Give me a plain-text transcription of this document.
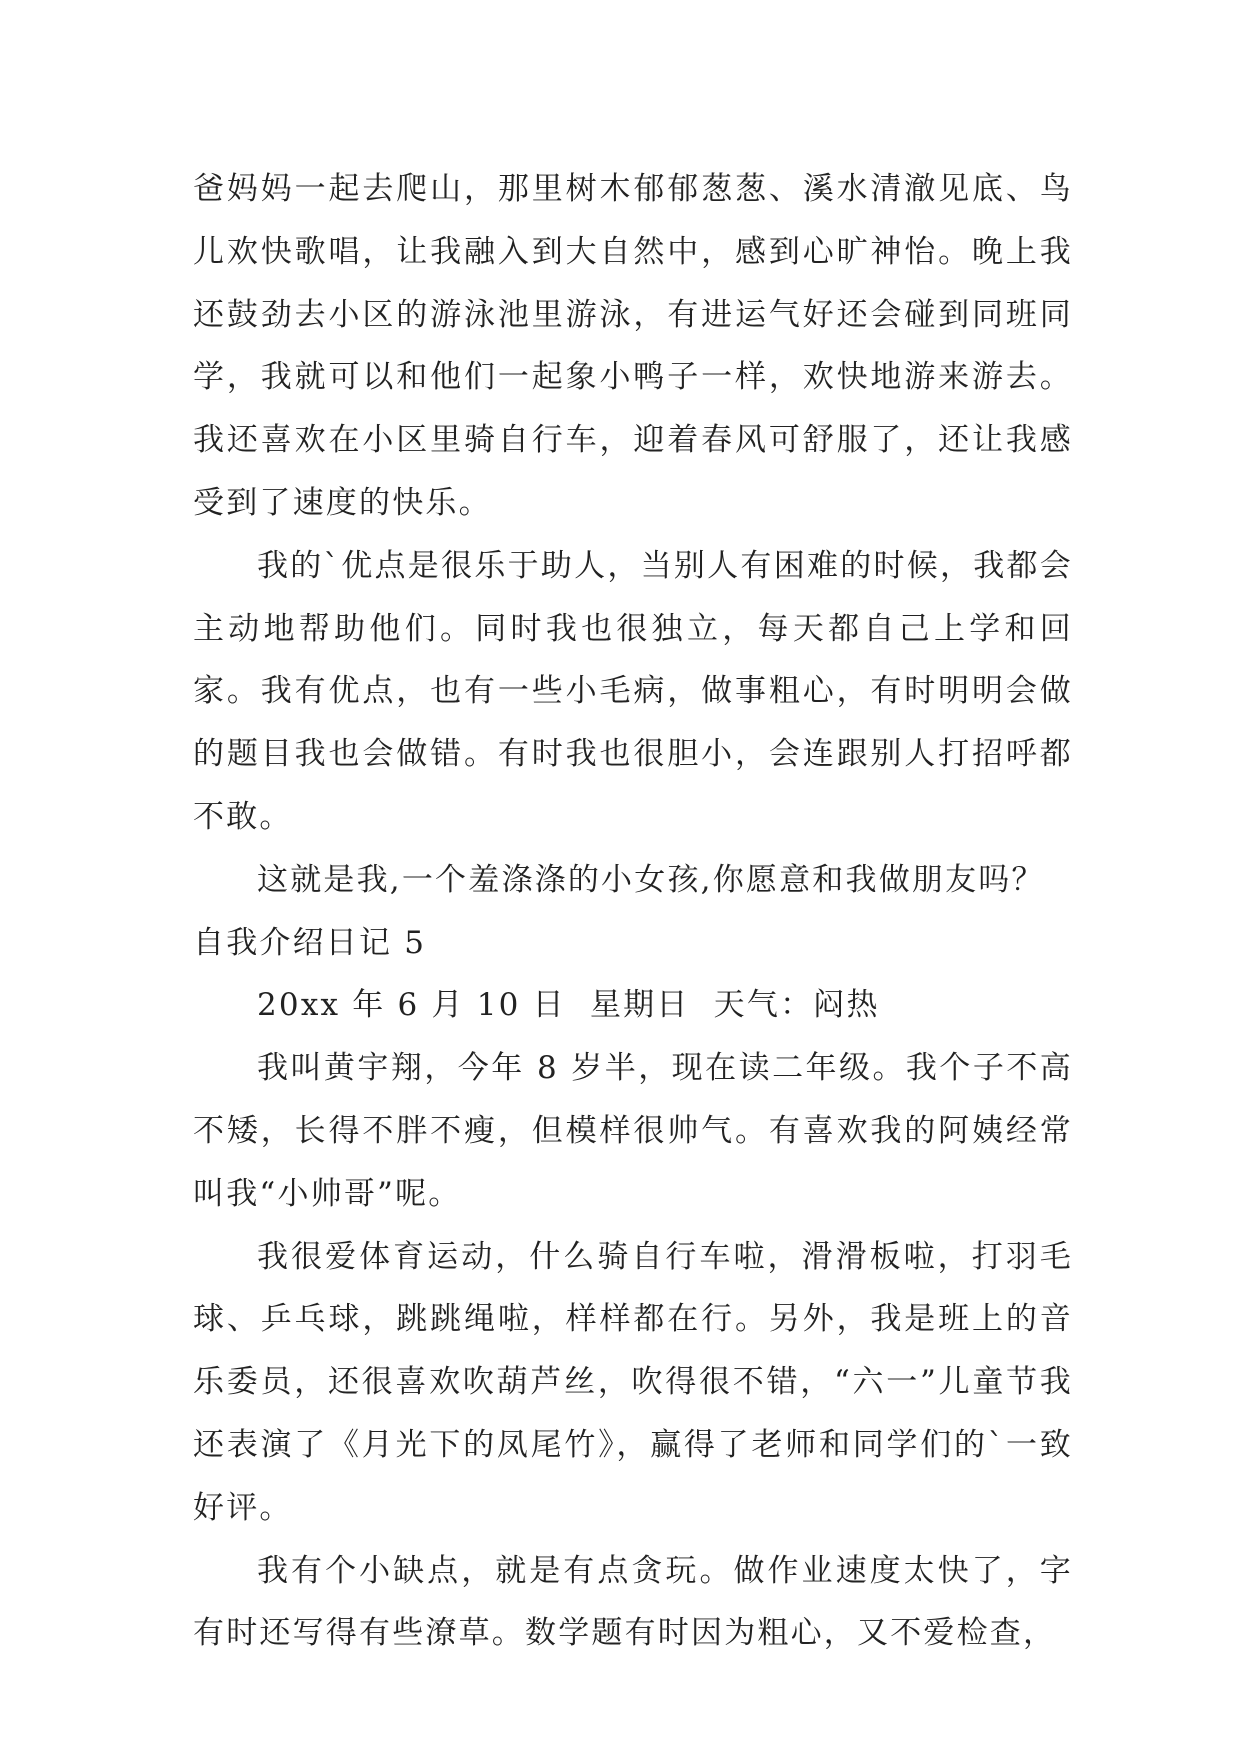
爸妈妈一起去爬山，那里树木郁郁葱葱、溪水清澈见底、鸟儿欢快歌唱，让我融入到大自然中，感到心旷神怡。晚上我还鼓劲去小区的游泳池里游泳，有进运气好还会碰到同班同学，我就可以和他们一起象小鸭子一样，欢快地游来游去。我还喜欢在小区里骑自行车，迎着春风可舒服了，还让我感受到了速度的快乐。

我的`优点是很乐于助人，当别人有困难的时候，我都会主动地帮助他们。同时我也很独立，每天都自己上学和回家。我有优点，也有一些小毛病，做事粗心，有时明明会做的题目我也会做错。有时我也很胆小，会连跟别人打招呼都不敢。

这就是我,一个羞涤涤的小女孩,你愿意和我做朋友吗？

自我介绍日记 5

20xx 年 6 月 10 日  星期日  天气：闷热

我叫黄宇翔，今年 8 岁半，现在读二年级。我个子不高不矮，长得不胖不瘦，但模样很帅气。有喜欢我的阿姨经常叫我“小帅哥”呢。

我很爱体育运动，什么骑自行车啦，滑滑板啦，打羽毛球、乒乓球，跳跳绳啦，样样都在行。另外，我是班上的音乐委员，还很喜欢吹葫芦丝，吹得很不错，“六一”儿童节我还表演了《月光下的凤尾竹》，赢得了老师和同学们的`一致好评。

我有个小缺点，就是有点贪玩。做作业速度太快了，字有时还写得有些潦草。数学题有时因为粗心，又不爱检查，
